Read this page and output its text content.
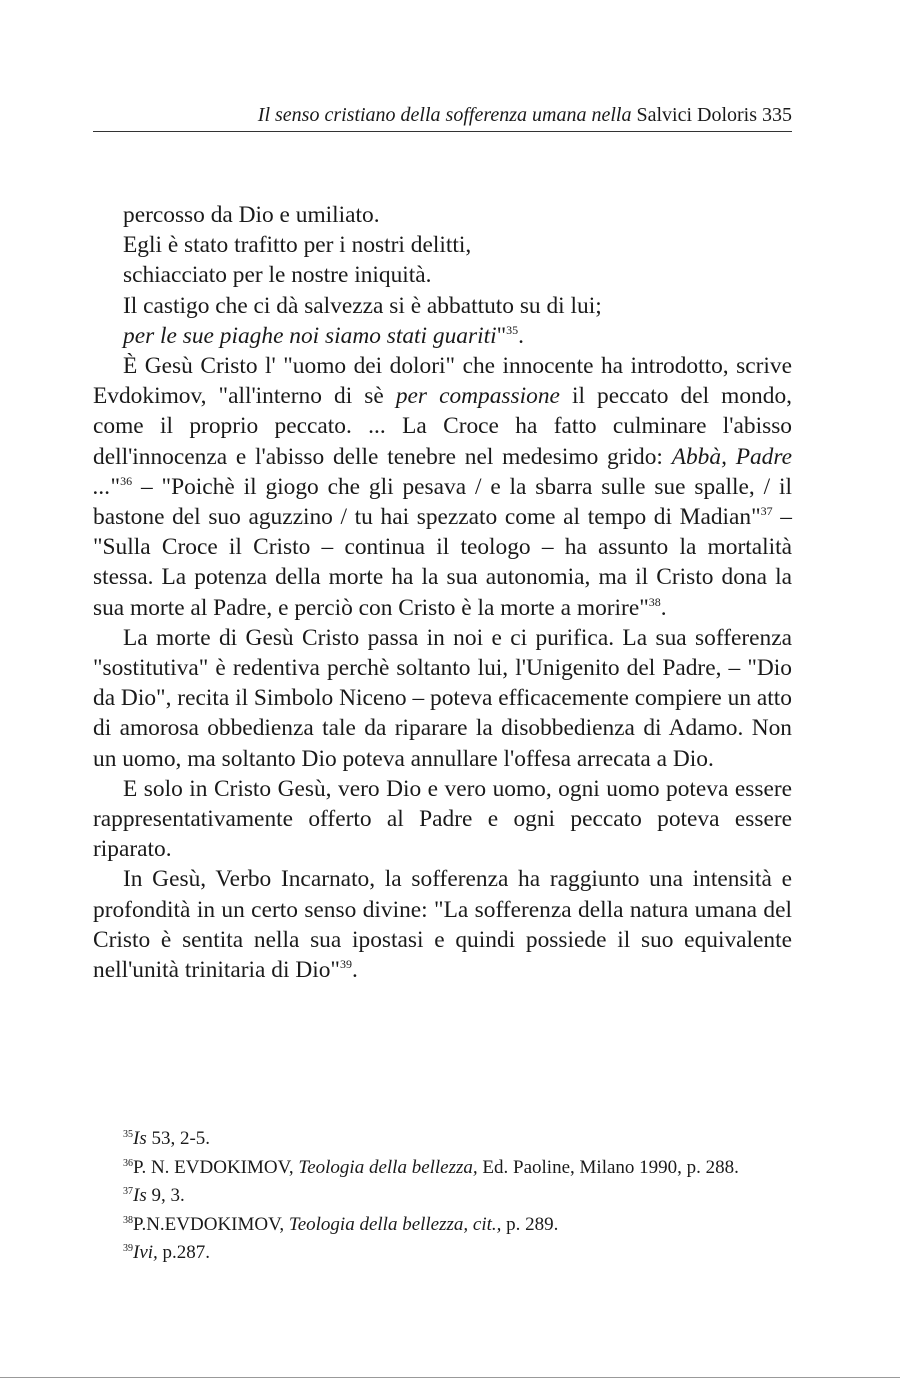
Il senso cristiano della sofferenza umana nella Salvici Doloris 335

percosso da Dio e umiliato.

Egli è stato trafitto per i nostri delitti,

schiacciato per le nostre iniquità.

Il castigo che ci dà salvezza si è abbattuto su di lui;

per le sue piaghe noi siamo stati guariti"$^{35}$.

È Gesù Cristo l' "uomo dei dolori" che innocente ha introdotto, scrive Evdokimov, "all'interno di sè per compassione il peccato del mondo, come il proprio peccato. ... La Croce ha fatto culminare l'abisso dell'innocenza e l'abisso delle tenebre nel medesimo grido: Abbà, Padre ..."$^{36}$ – "Poichè il giogo che gli pesava / e la sbarra sulle sue spalle, / il bastone del suo aguzzino / tu hai spezzato come al tempo di Madian"$^{37}$ – "Sulla Croce il Cristo – continua il teologo – ha assunto la mortalità stessa. La potenza della morte ha la sua autonomia, ma il Cristo dona la sua morte al Padre, e perciò con Cristo è la morte a morire"$^{38}$.

La morte di Gesù Cristo passa in noi e ci purifica. La sua sofferenza "sostitutiva" è redentiva perchè soltanto lui, l'Unigenito del Padre, – "Dio da Dio", recita il Simbolo Niceno – poteva efficacemente compiere un atto di amorosa obbedienza tale da riparare la disobbedienza di Adamo. Non un uomo, ma soltanto Dio poteva annullare l'offesa arrecata a Dio.

E solo in Cristo Gesù, vero Dio e vero uomo, ogni uomo poteva essere rappresentativamente offerto al Padre e ogni peccato poteva essere riparato.

In Gesù, Verbo Incarnato, la sofferenza ha raggiunto una intensità e profondità in un certo senso divine: "La sofferenza della natura umana del Cristo è sentita nella sua ipostasi e quindi possiede il suo equivalente nell'unità trinitaria di Dio"$^{39}$.

$^{35}$Is 53, 2-5.

$^{36}$P. N. EVDOKIMOV, Teologia della bellezza, Ed. Paoline, Milano 1990, p. 288.

$^{37}$Is 9, 3.

$^{38}$P.N.EVDOKIMOV, Teologia della bellezza, cit., p. 289.

$^{39}$Ivi, p.287.
